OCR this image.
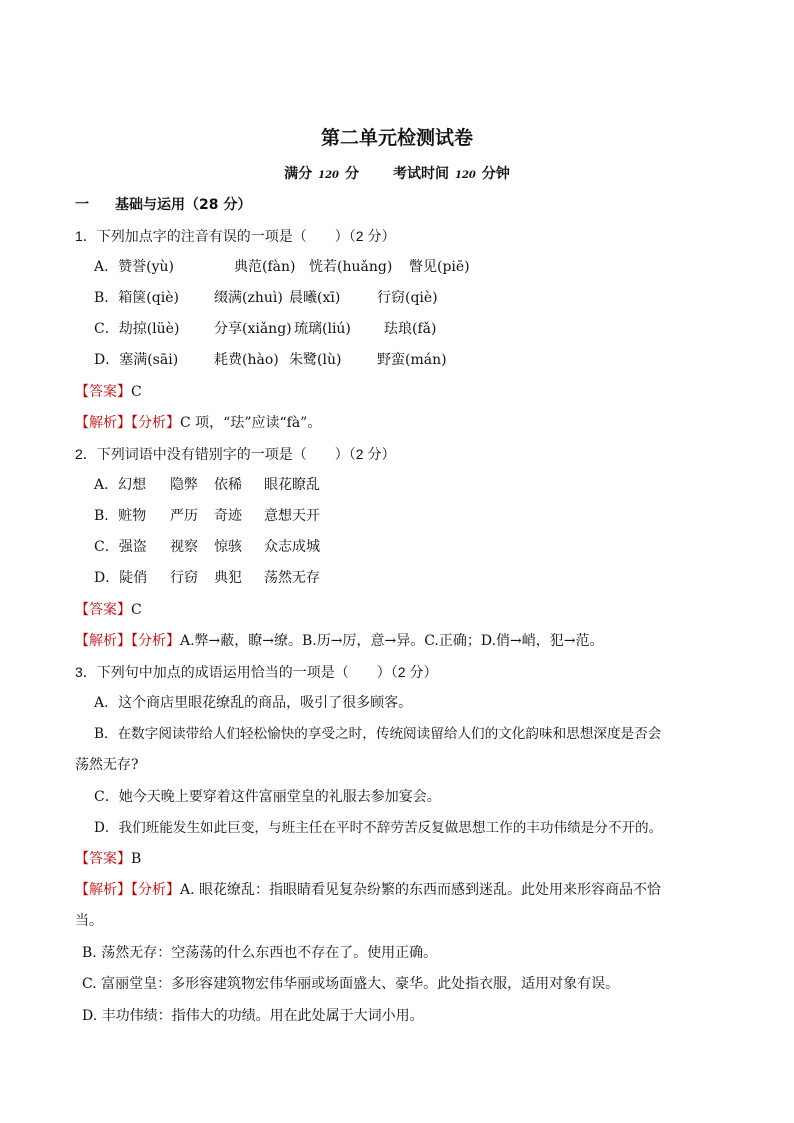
第二单元检测试卷
满分 120 分 考试时间 120 分钟
一 基础与运用（28 分）
1．下列加点字的注音有误的一项是（　　）（2 分）
A．赞誉(yù)	典范(fàn) 恍若(huǎng) 瞥见(piē)
B．箱箧(qiè)	缀满(zhuì) 晨曦(xī)	行窃(qiè)
C．劫掠(lüè) 分享(xiǎng) 琉璃(liú) 珐琅(fǎ)
D．塞满(sāi)	耗费(hào) 朱鹭(lù)	野蛮(mán)
【答案】C
【解析】【分析】C 项，“珐”应读“fà”。
2．下列词语中没有错别字的一项是（　　）（2 分）
A．幻想 隐弊 依稀 眼花瞭乱
B．赃物 严历 奇迹 意想天开
C．强盗 视察 惊骇 众志成城
D．陡俏 行窃 典犯 荡然无存
【答案】C
【解析】【分析】A.弊→蔽，瞭→缭。B.历→厉，意→异。C.正确；D.俏→峭，犯→范。
3．下列句中加点的成语运用恰当的一项是（　　）（2 分）
A．这个商店里眼花缭乱的商品，吸引了很多顾客。
B．在数字阅读带给人们轻松愉快的享受之时，传统阅读留给人们的文化韵味和思想深度是否会
荡然无存?
C．她今天晚上要穿着这件富丽堂皇的礼服去参加宴会。
D．我们班能发生如此巨变，与班主任在平时不辞劳苦反复做思想工作的丰功伟绩是分不开的。
【答案】B
【解析】【分析】A. 眼花缭乱：指眼睛看见复杂纷繁的东西而感到迷乱。此处用来形容商品不恰
当。
B. 荡然无存：空荡荡的什么东西也不存在了。使用正确。
C. 富丽堂皇：多形容建筑物宏伟华丽或场面盛大、豪华。此处指衣服，适用对象有误。
D. 丰功伟绩：指伟大的功绩。用在此处属于大词小用。
